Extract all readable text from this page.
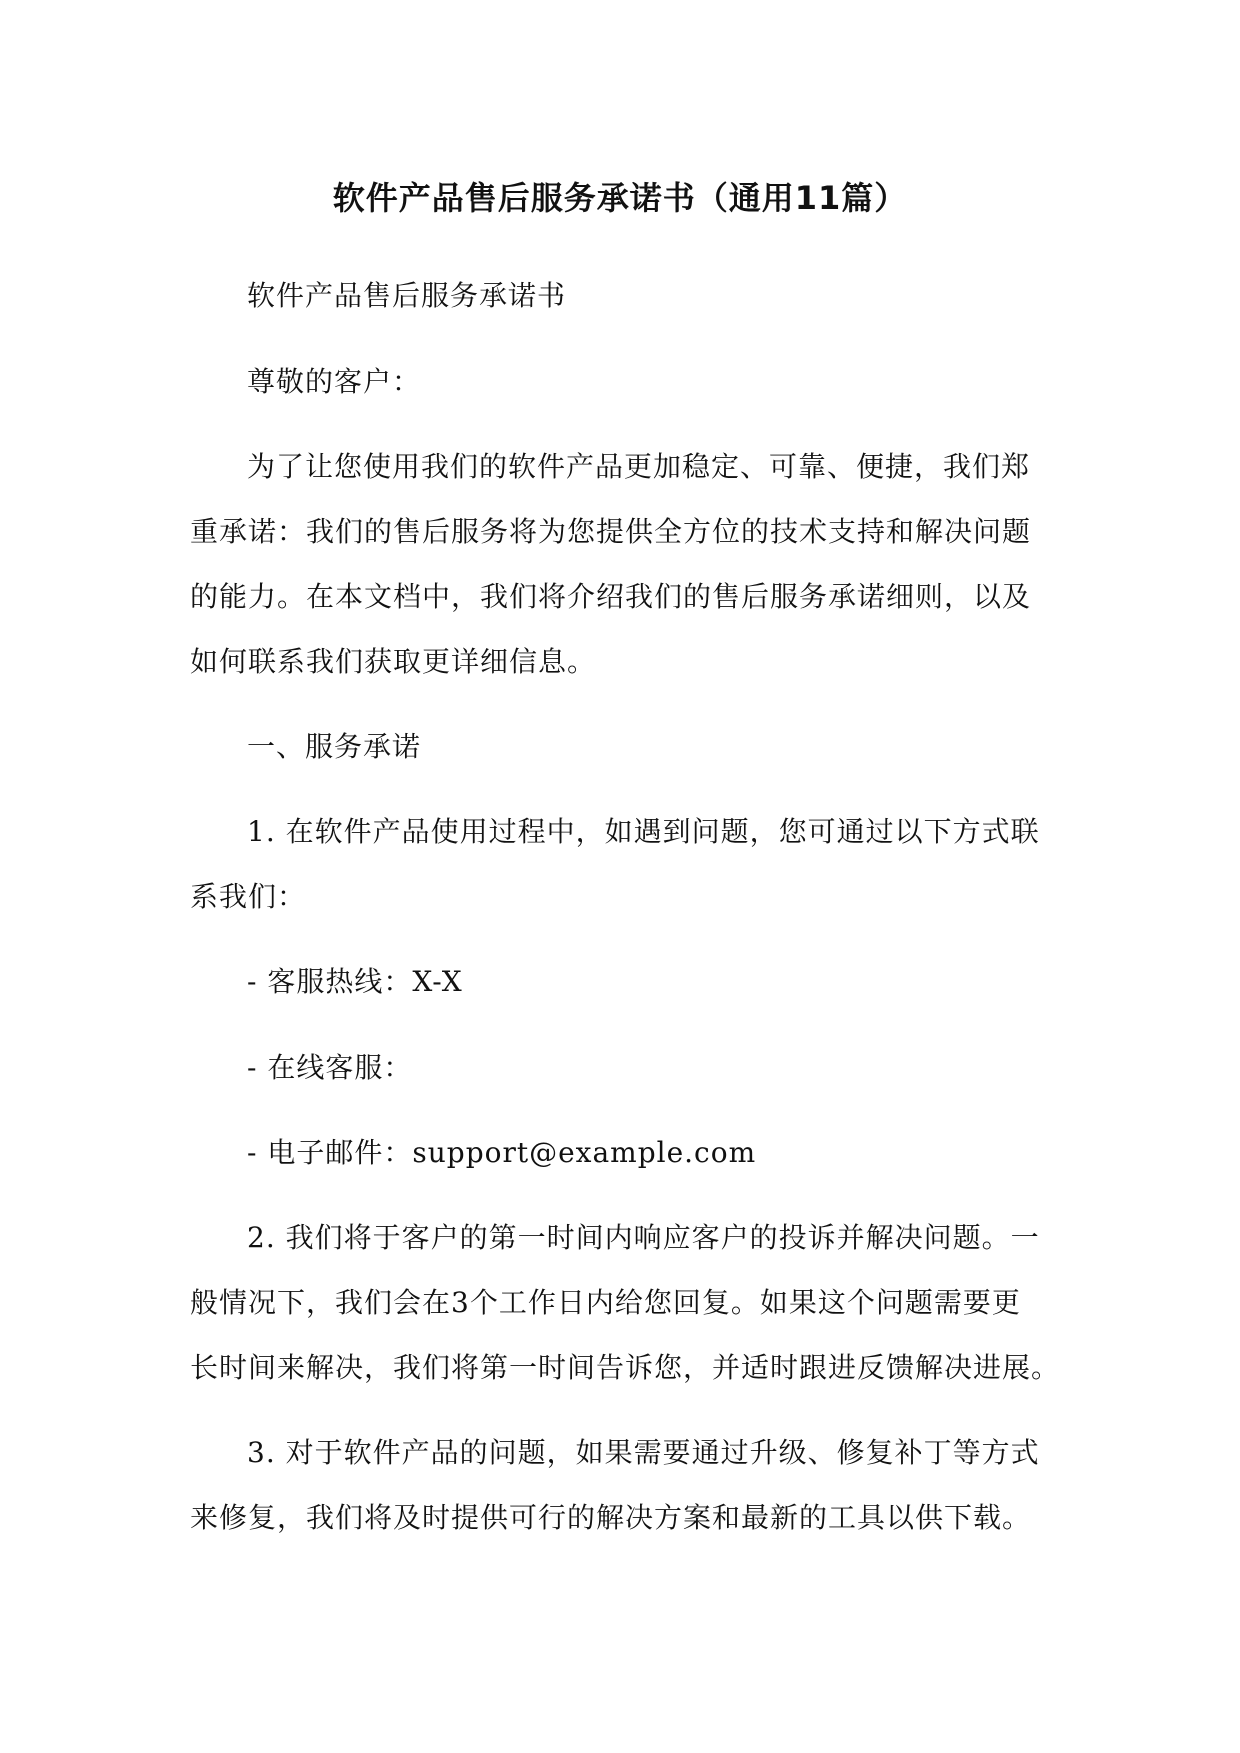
软件产品售后服务承诺书（通用11篇）
软件产品售后服务承诺书
尊敬的客户：
为了让您使用我们的软件产品更加稳定、可靠、便捷，我们郑
重承诺：我们的售后服务将为您提供全方位的技术支持和解决问题
的能力。在本文档中，我们将介绍我们的售后服务承诺细则，以及
如何联系我们获取更详细信息。
一、服务承诺
1. 在软件产品使用过程中，如遇到问题，您可通过以下方式联
系我们：
- 客服热线：X-X
- 在线客服：
- 电子邮件：support@example.com
2. 我们将于客户的第一时间内响应客户的投诉并解决问题。一
般情况下，我们会在3个工作日内给您回复。如果这个问题需要更
长时间来解决，我们将第一时间告诉您，并适时跟进反馈解决进展。
3. 对于软件产品的问题，如果需要通过升级、修复补丁等方式
来修复，我们将及时提供可行的解决方案和最新的工具以供下载。
